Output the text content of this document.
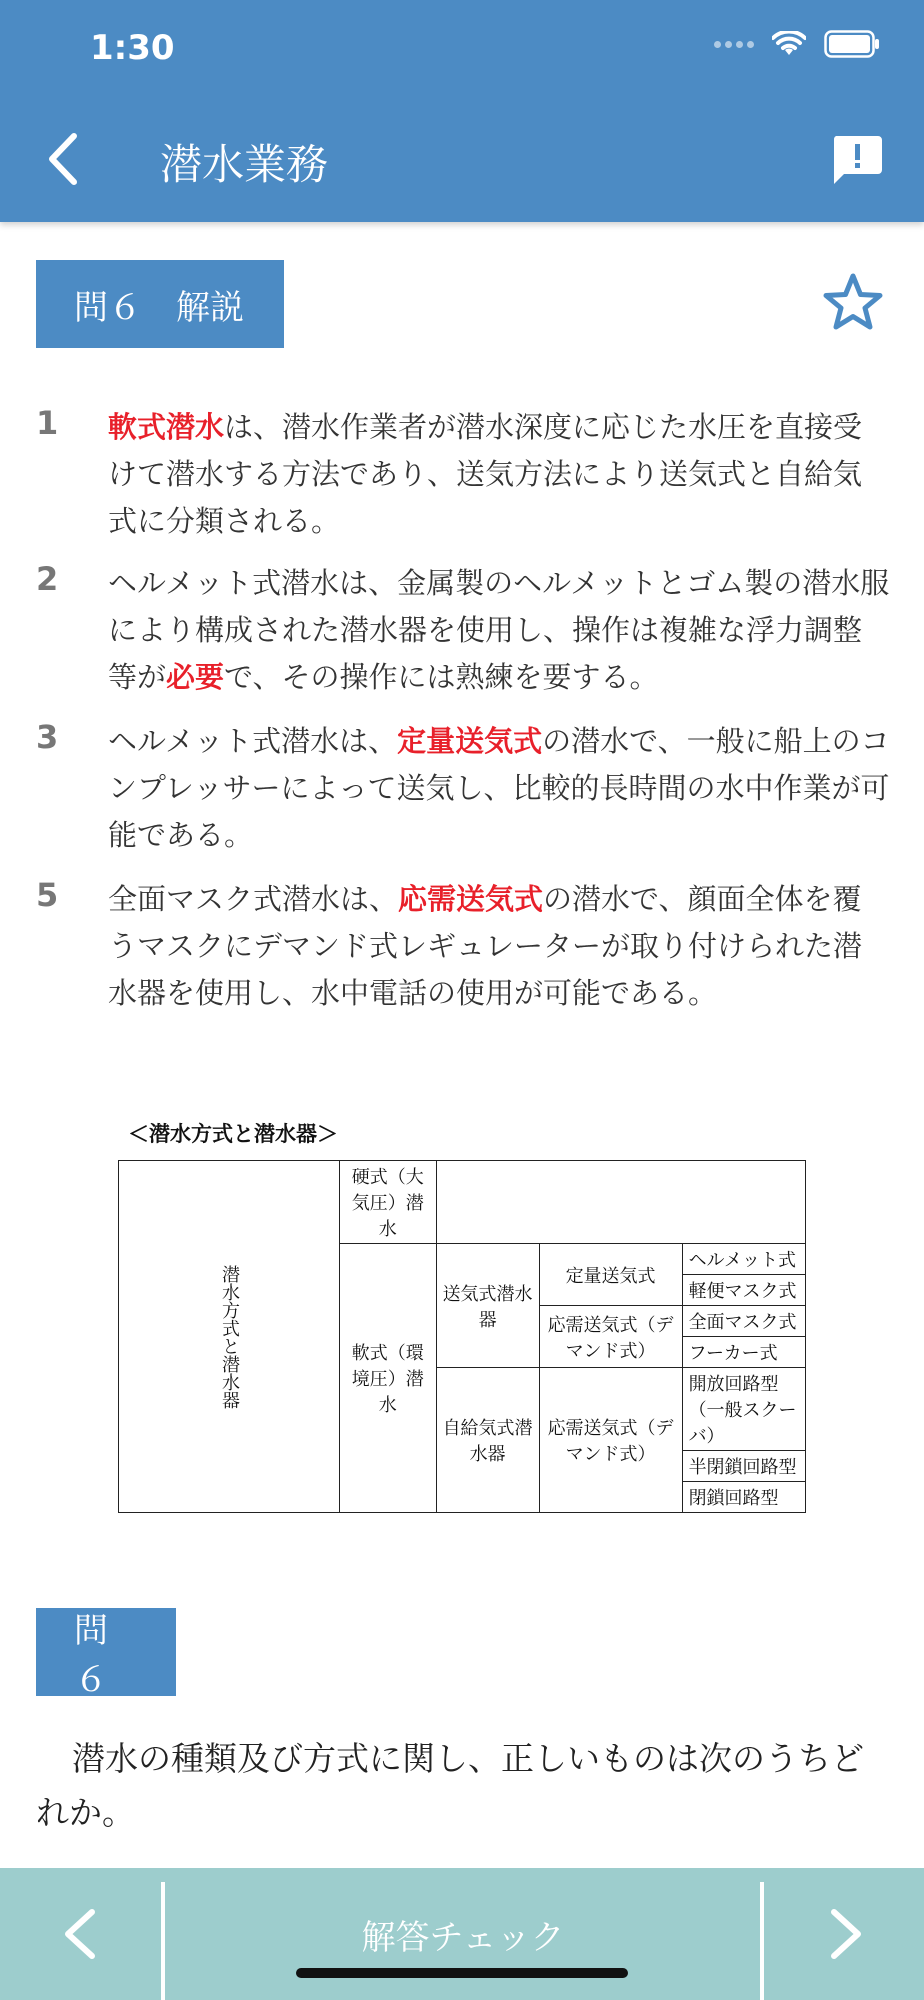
1:30
潜水業務
問６　解説
1	軟式潜水は、潜水作業者が潜水深度に応じた水圧を直接受けて潜水する方法であり、送気方法により送気式と自給気式に分類される。
2	ヘルメット式潜水は、金属製のヘルメットとゴム製の潜水服により構成された潜水器を使用し、操作は複雑な浮力調整等が必要で、その操作には熟練を要する。
3	ヘルメット式潜水は、定量送気式の潜水で、一般に船上のコンプレッサーによって送気し、比較的長時間の水中作業が可能である。
5	全面マスク式潜水は、応需送気式の潜水で、顔面全体を覆うマスクにデマンド式レギュレーターが取り付けられた潜水器を使用し、水中電話の使用が可能である。
＜潜水方式と潜水器＞
潜水方式と潜水器	硬式（大気圧）潜水			
	軟式（環境圧）潜水	送気式潜水器	定量送気式	ヘルメット式
				軽便マスク式
			応需送気式（デマンド式）	全面マスク式
				フーカー式
		自給気式潜水器	応需送気式（デマンド式）	開放回路型（一般スクーバ）
				半閉鎖回路型
				閉鎖回路型
問６
潜水の種類及び方式に関し、正しいものは次のうちどれか。
解答チェック
